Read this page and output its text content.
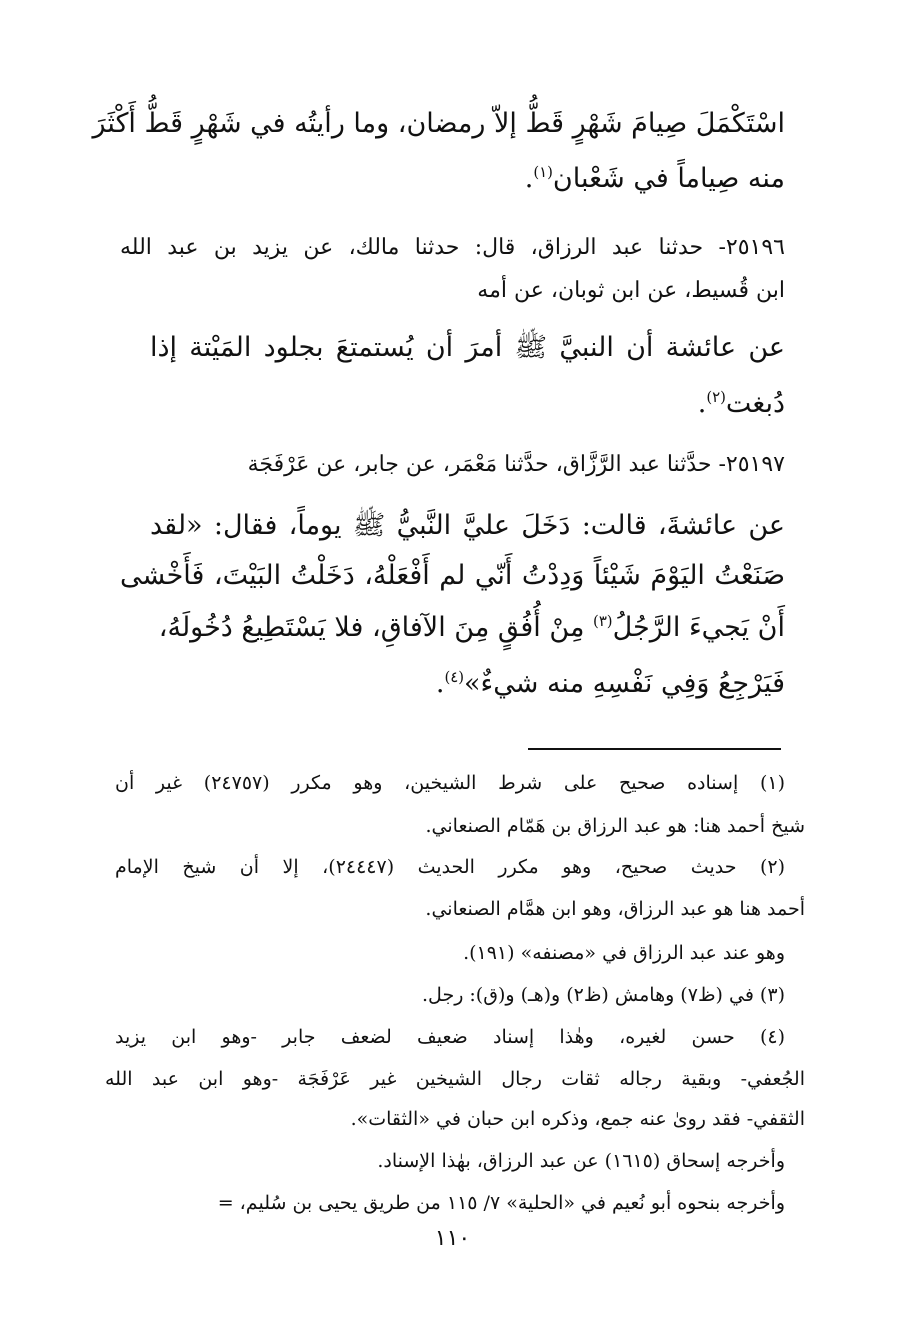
اسْتَكْمَلَ صِيامَ شَهْرٍ قَطُّ إلاّ رمضان، وما رأيتُه في شَهْرٍ قَطُّ أَكْثَرَ
منه صِياماً في شَعْبان$^{(١)}$.
٢٥١٩٦- حدثنا عبد الرزاق، قال: حدثنا مالك، عن يزيد بن عبد الله
ابن قُسيط، عن ابن ثوبان، عن أمه
عن عائشة أن النبيَّ ﷺ أمرَ أن يُستمتعَ بجلود المَيْتة إذا
دُبغت$^{(٢)}$.
٢٥١٩٧- حدَّثنا عبد الرَّزَّاق، حدَّثنا مَعْمَر، عن جابر، عن عَرْفَجَة
عن عائشةَ، قالت: دَخَلَ عليَّ النَّبيُّ ﷺ يوماً، فقال: «لقد
صَنَعْتُ اليَوْمَ شَيْئاً وَدِدْتُ أَنّي لم أَفْعَلْهُ، دَخَلْتُ البَيْتَ، فَأَخْشى
أَنْ يَجيءَ الرَّجُلُ$^{(٣)}$ مِنْ أُفُقٍ مِنَ الآفاقِ، فلا يَسْتَطِيعُ دُخُولَهُ،
فَيَرْجِعُ وَفِي نَفْسِهِ منه شيءٌ»$^{(٤)}$.
(١) إسناده صحيح على شرط الشيخين، وهو مكرر (٢٤٧٥٧) غير أن
شيخ أحمد هنا: هو عبد الرزاق بن هَمّام الصنعاني.
(٢) حديث صحيح، وهو مكرر الحديث (٢٤٤٤٧)، إلا أن شيخ الإمام
أحمد هنا هو عبد الرزاق، وهو ابن همَّام الصنعاني.
وهو عند عبد الرزاق في «مصنفه» (١٩١).
(٣) في (ظ٧) وهامش (ظ٢) و(هـ) و(ق): رجل.
(٤) حسن لغيره، وهٰذا إسناد ضعيف لضعف جابر -وهو ابن يزيد
الجُعفي- وبقية رجاله ثقات رجال الشيخين غير عَرْفَجَة -وهو ابن عبد الله
الثقفي- فقد روىٰ عنه جمع، وذكره ابن حبان في «الثقات».
وأخرجه إسحاق (١٦١٥) عن عبد الرزاق، بهٰذا الإسناد.
وأخرجه بنحوه أبو نُعيم في «الحلية» ٧/ ١١٥ من طريق يحيى بن سُليم، =
١١٠
